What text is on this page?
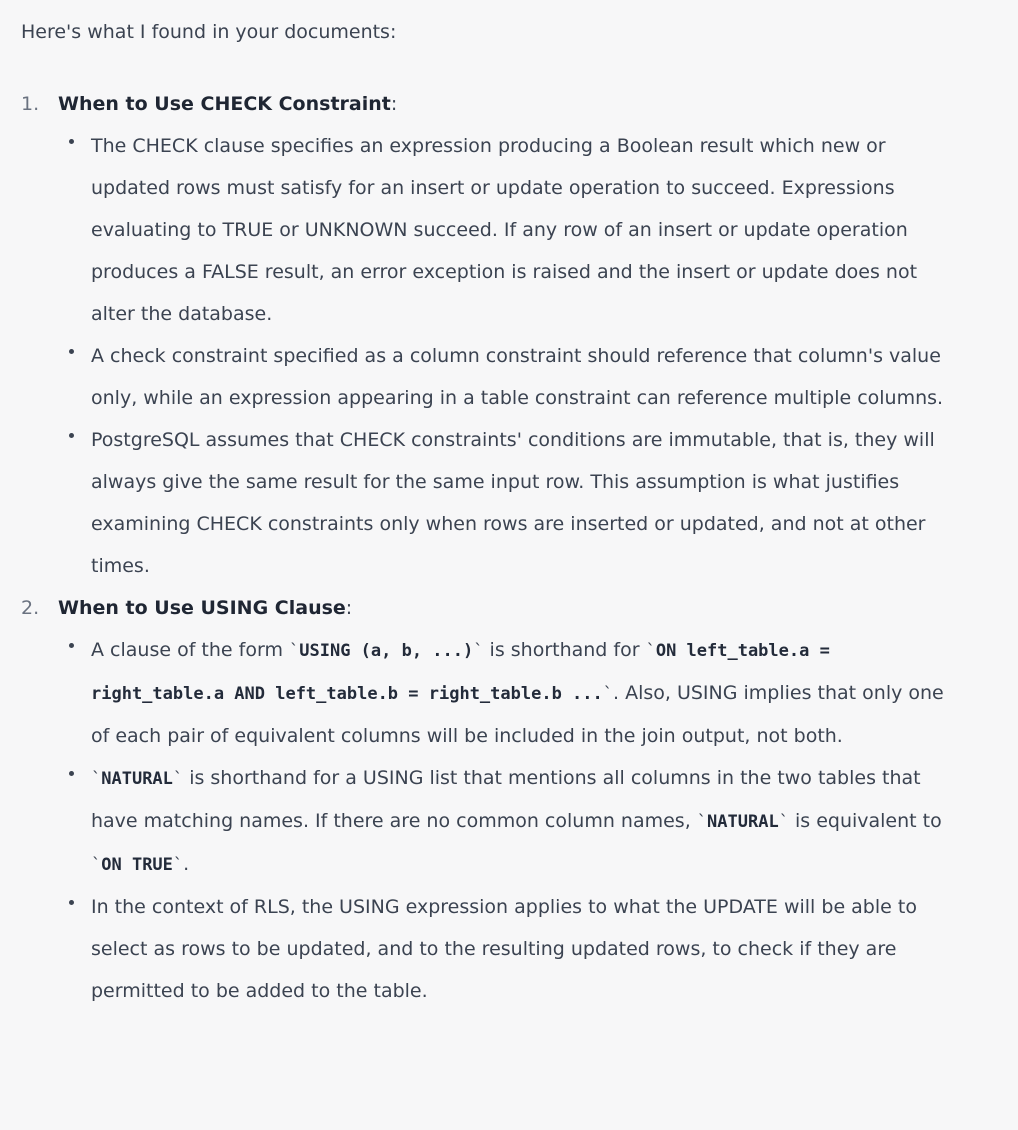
Here's what I found in your documents:

1. When to Use CHECK Constraint:
The CHECK clause specifies an expression producing a Boolean result which new or updated rows must satisfy for an insert or update operation to succeed. Expressions evaluating to TRUE or UNKNOWN succeed. If any row of an insert or update operation produces a FALSE result, an error exception is raised and the insert or update does not alter the database.
A check constraint specified as a column constraint should reference that column's value only, while an expression appearing in a table constraint can reference multiple columns.
PostgreSQL assumes that CHECK constraints' conditions are immutable, that is, they will always give the same result for the same input row. This assumption is what justifies examining CHECK constraints only when rows are inserted or updated, and not at other times.
2. When to Use USING Clause:
A clause of the form `USING (a, b, ...)` is shorthand for `ON left_table.a = right_table.a AND left_table.b = right_table.b ...`. Also, USING implies that only one of each pair of equivalent columns will be included in the join output, not both.
`NATURAL` is shorthand for a USING list that mentions all columns in the two tables that have matching names. If there are no common column names, `NATURAL` is equivalent to `ON TRUE`.
In the context of RLS, the USING expression applies to what the UPDATE will be able to select as rows to be updated, and to the resulting updated rows, to check if they are permitted to be added to the table.
